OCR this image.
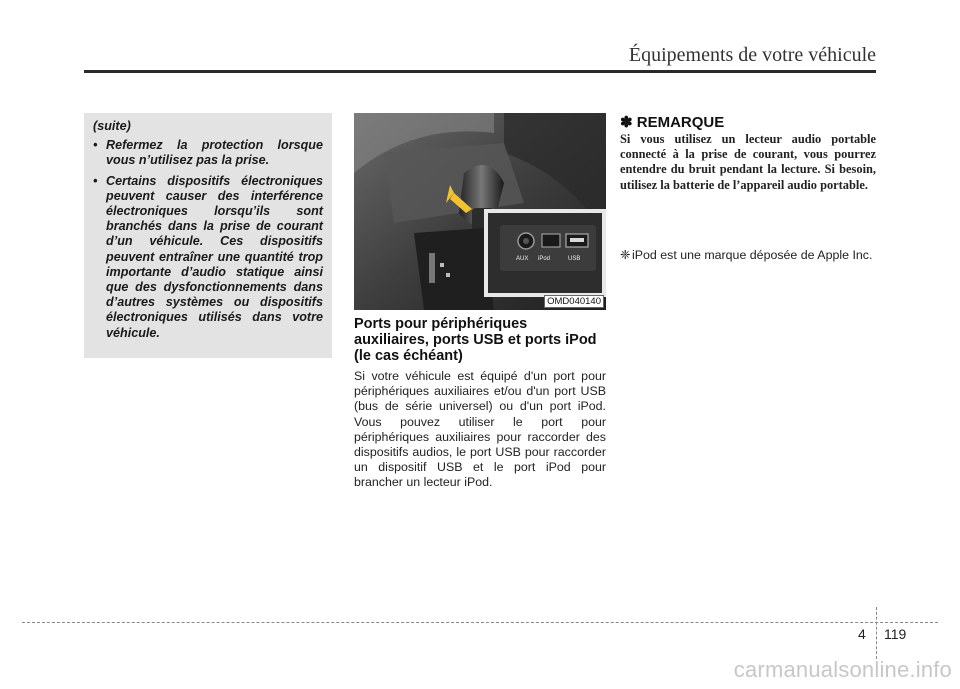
Équipements de votre véhicule
(suite)
• Refermez la protection lorsque vous n’utilisez pas la prise.
• Certains dispositifs électroniques peuvent causer des interférence électroniques lorsqu’ils sont branchés dans la prise de courant d’un véhicule. Ces dispositifs peuvent entraîner une quantité trop importante d’audio statique ainsi que des dysfonctionnements dans d’autres systèmes ou dispositifs électroniques utilisés dans votre véhicule.
AUX iPod	USB
OMD040140
Ports pour périphériques auxiliaires, ports USB et ports iPod (le cas échéant)
Si votre véhicule est équipé d'un port pour périphériques auxiliaires et/ou d'un port USB (bus de série universel) ou d'un port iPod. Vous pouvez utiliser le port pour périphériques auxiliaires pour raccorder des dispositifs audios, le port USB pour raccorder un dispositif USB et le port iPod pour brancher un lecteur iPod.
✽ REMARQUE
Si vous utilisez un lecteur audio portable connecté à la prise de courant, vous pourrez entendre du bruit pendant la lecture. Si besoin, utilisez la batterie de l’appareil audio portable.
❈ iPod est une marque déposée de Apple Inc.
4 119
carmanualsonline.info
